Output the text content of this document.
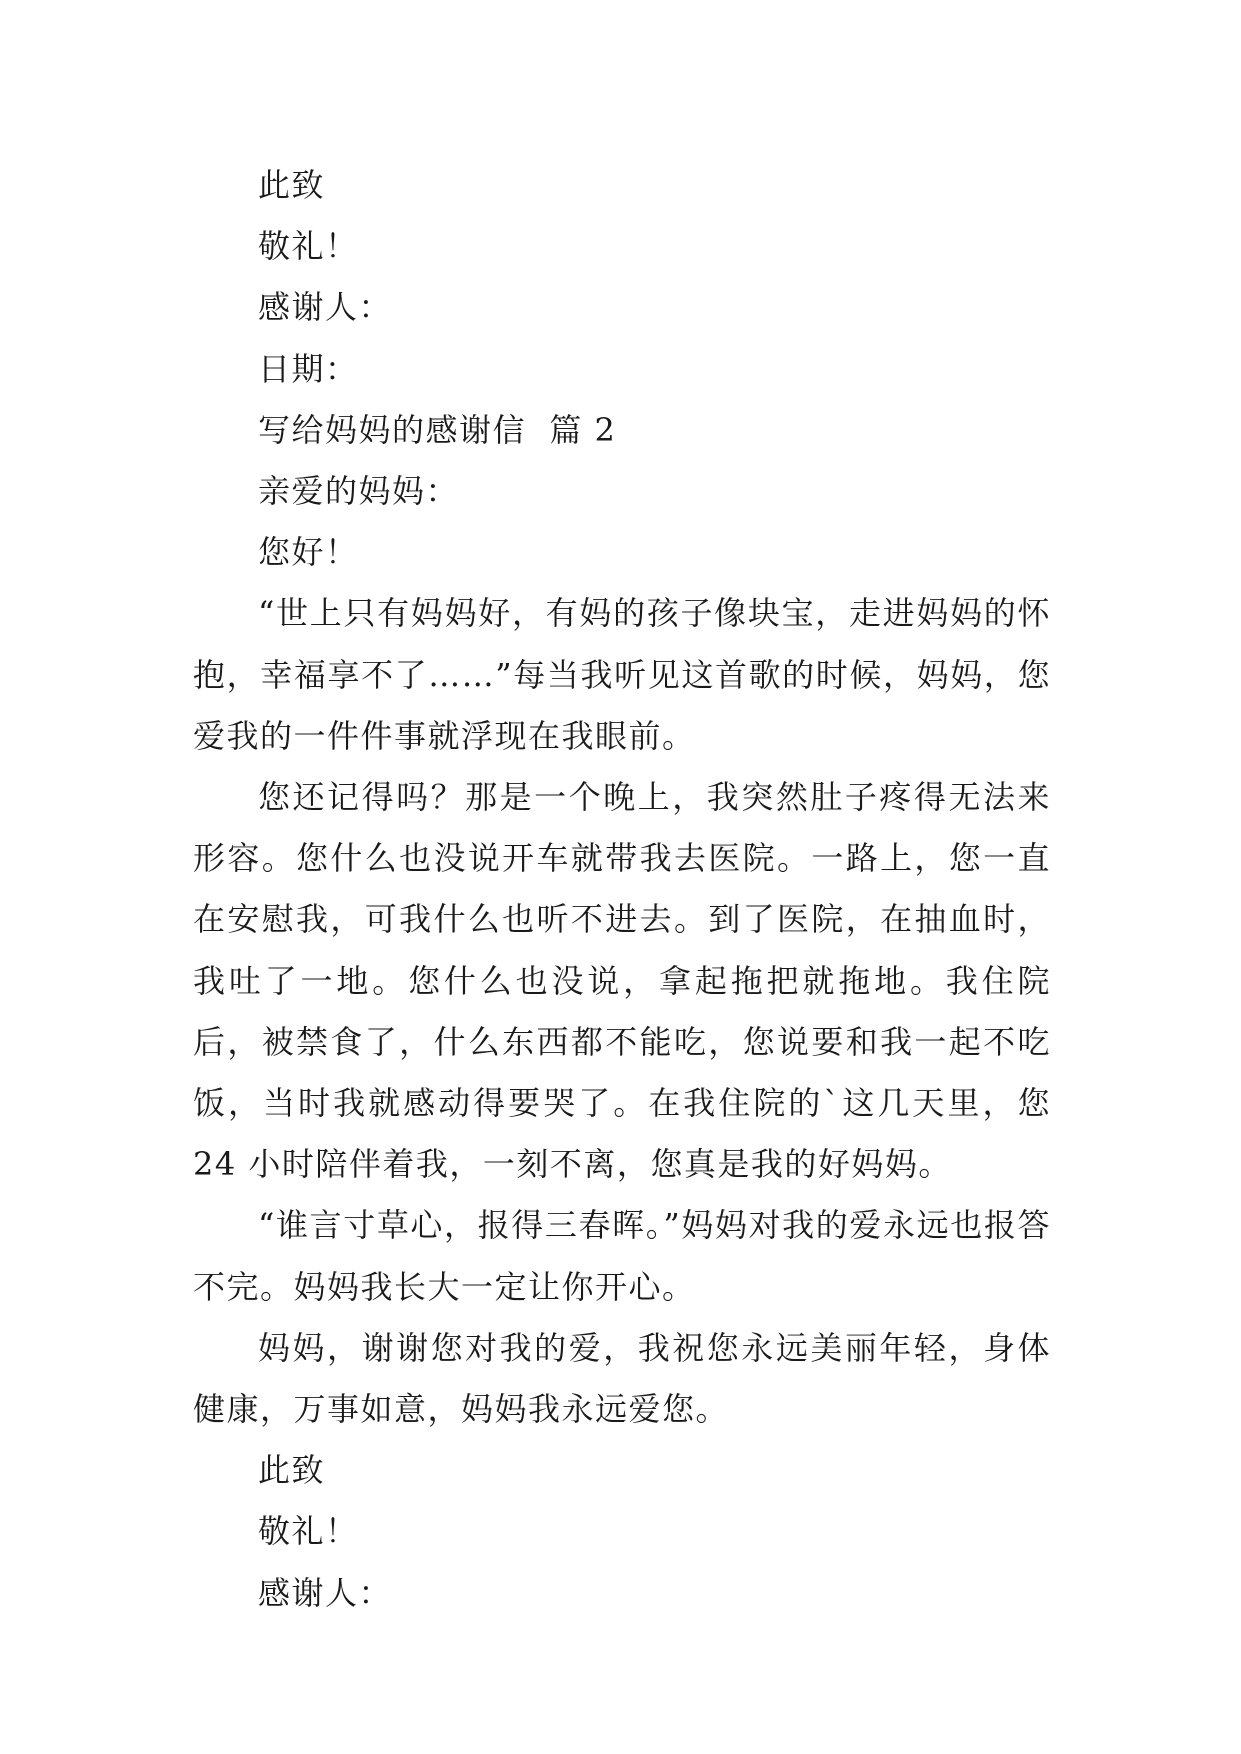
此致
敬礼！
感谢人：
日期：
写给妈妈的感谢信  篇 2
亲爱的妈妈：
您好！

“世上只有妈妈好，有妈的孩子像块宝，走进妈妈的怀抱，幸福享不了……”每当我听见这首歌的时候，妈妈，您爱我的一件件事就浮现在我眼前。

您还记得吗？那是一个晚上，我突然肚子疼得无法来形容。您什么也没说开车就带我去医院。一路上，您一直在安慰我，可我什么也听不进去。到了医院，在抽血时，我吐了一地。您什么也没说，拿起拖把就拖地。我住院后，被禁食了，什么东西都不能吃，您说要和我一起不吃饭，当时我就感动得要哭了。在我住院的`这几天里，您 24 小时陪伴着我，一刻不离，您真是我的好妈妈。

“谁言寸草心，报得三春晖。”妈妈对我的爱永远也报答不完。妈妈我长大一定让你开心。

妈妈，谢谢您对我的爱，我祝您永远美丽年轻，身体健康，万事如意，妈妈我永远爱您。

此致
敬礼！
感谢人：
